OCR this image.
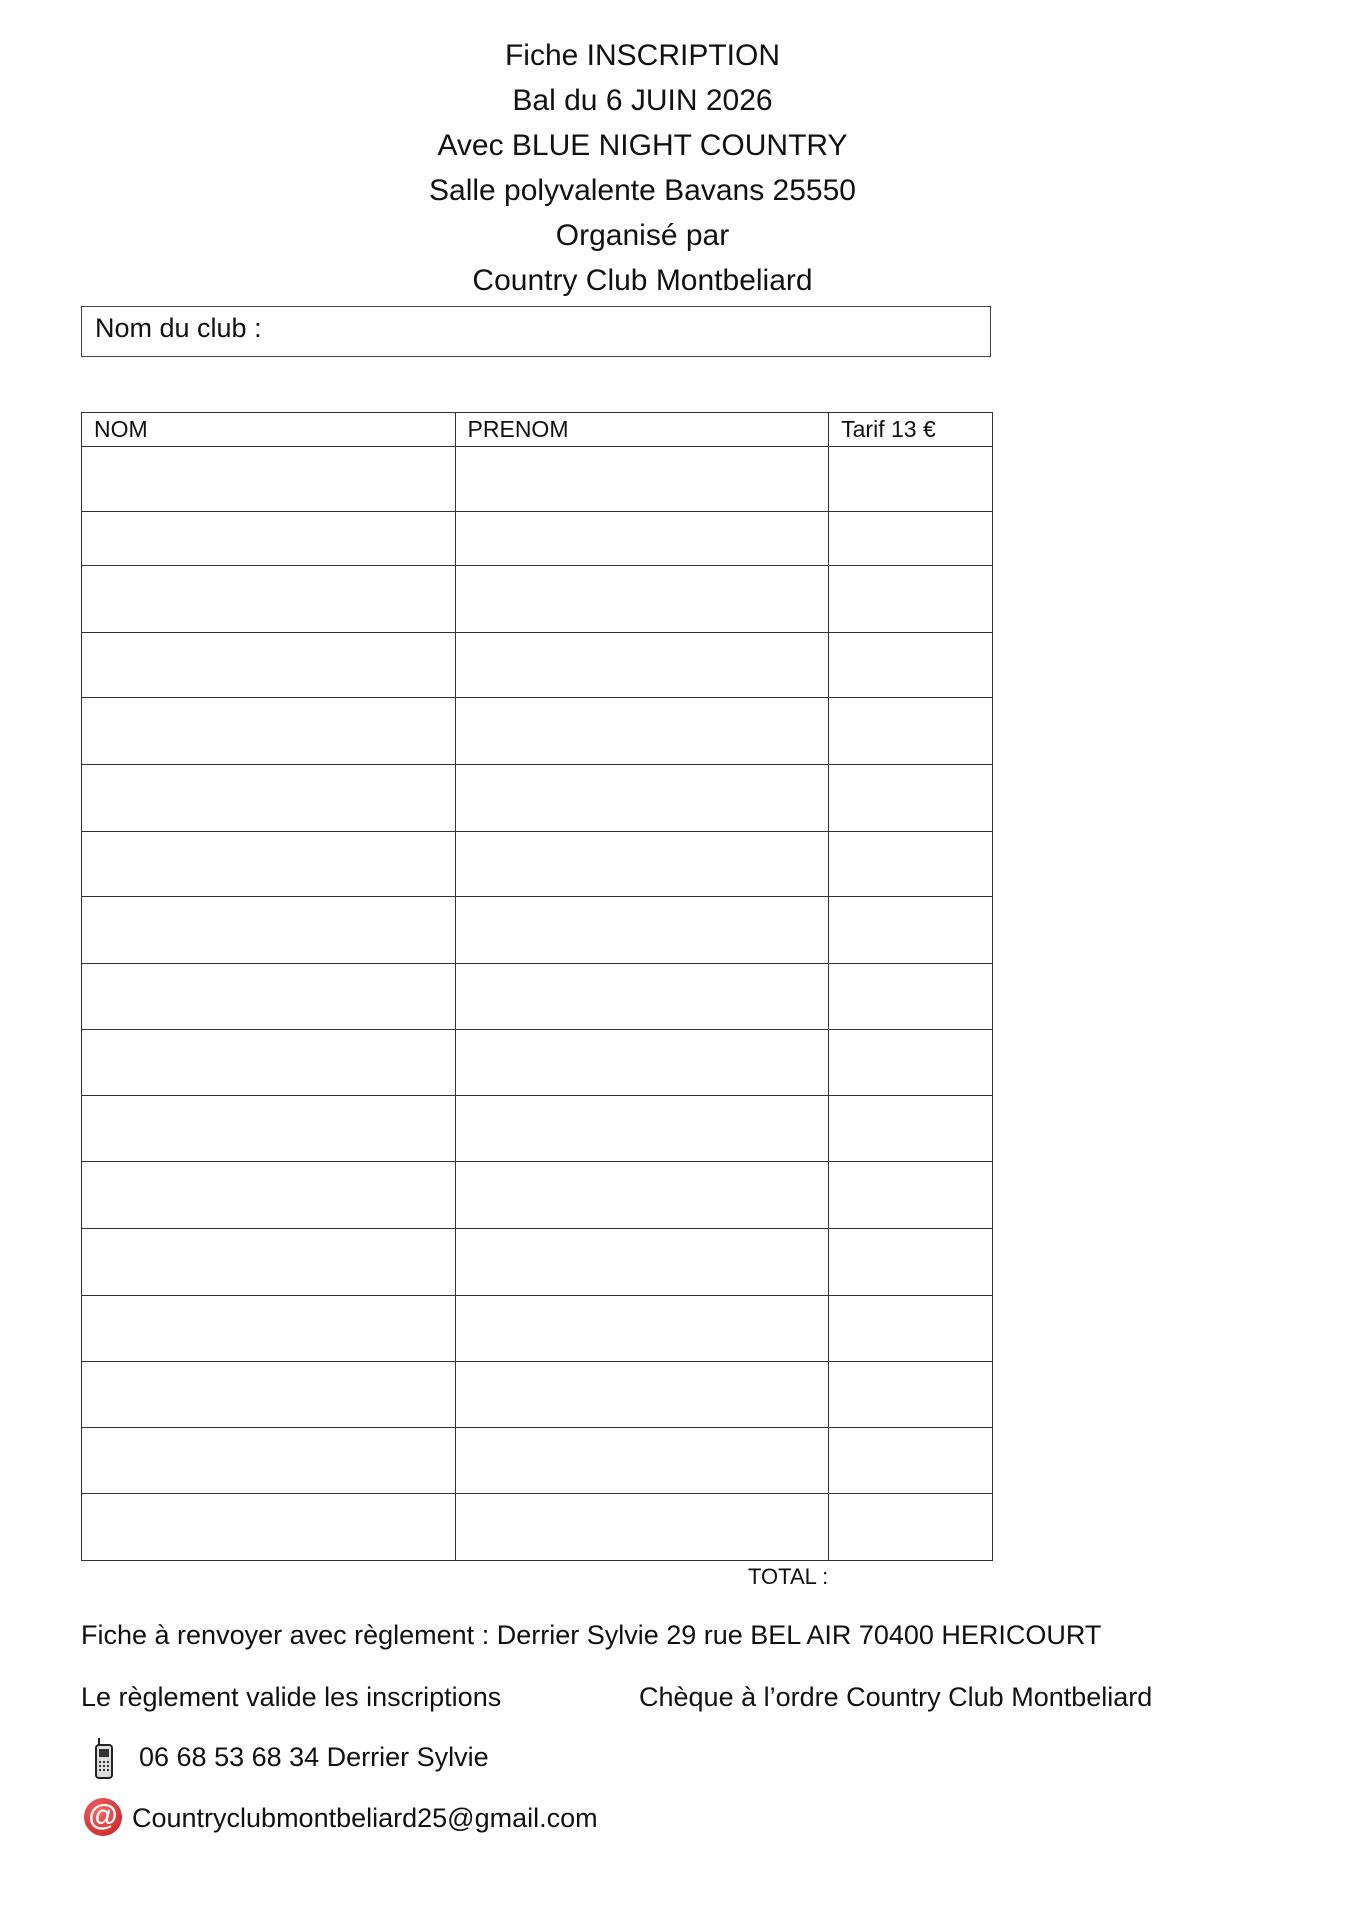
Fiche INSCRIPTION
Bal du 6 JUIN 2026
Avec BLUE NIGHT COUNTRY
Salle polyvalente Bavans 25550
Organisé par
Country Club Montbeliard
Nom du club :
NOM	PRENOM	Tarif 13 €

TOTAL :
Fiche à renvoyer avec règlement : Derrier Sylvie 29 rue BEL AIR 70400 HERICOURT
Le règlement valide les inscriptions	Chèque à l’ordre Country Club Montbeliard
06 68 53 68 34 Derrier Sylvie
@ Countryclubmontbeliard25@gmail.com
